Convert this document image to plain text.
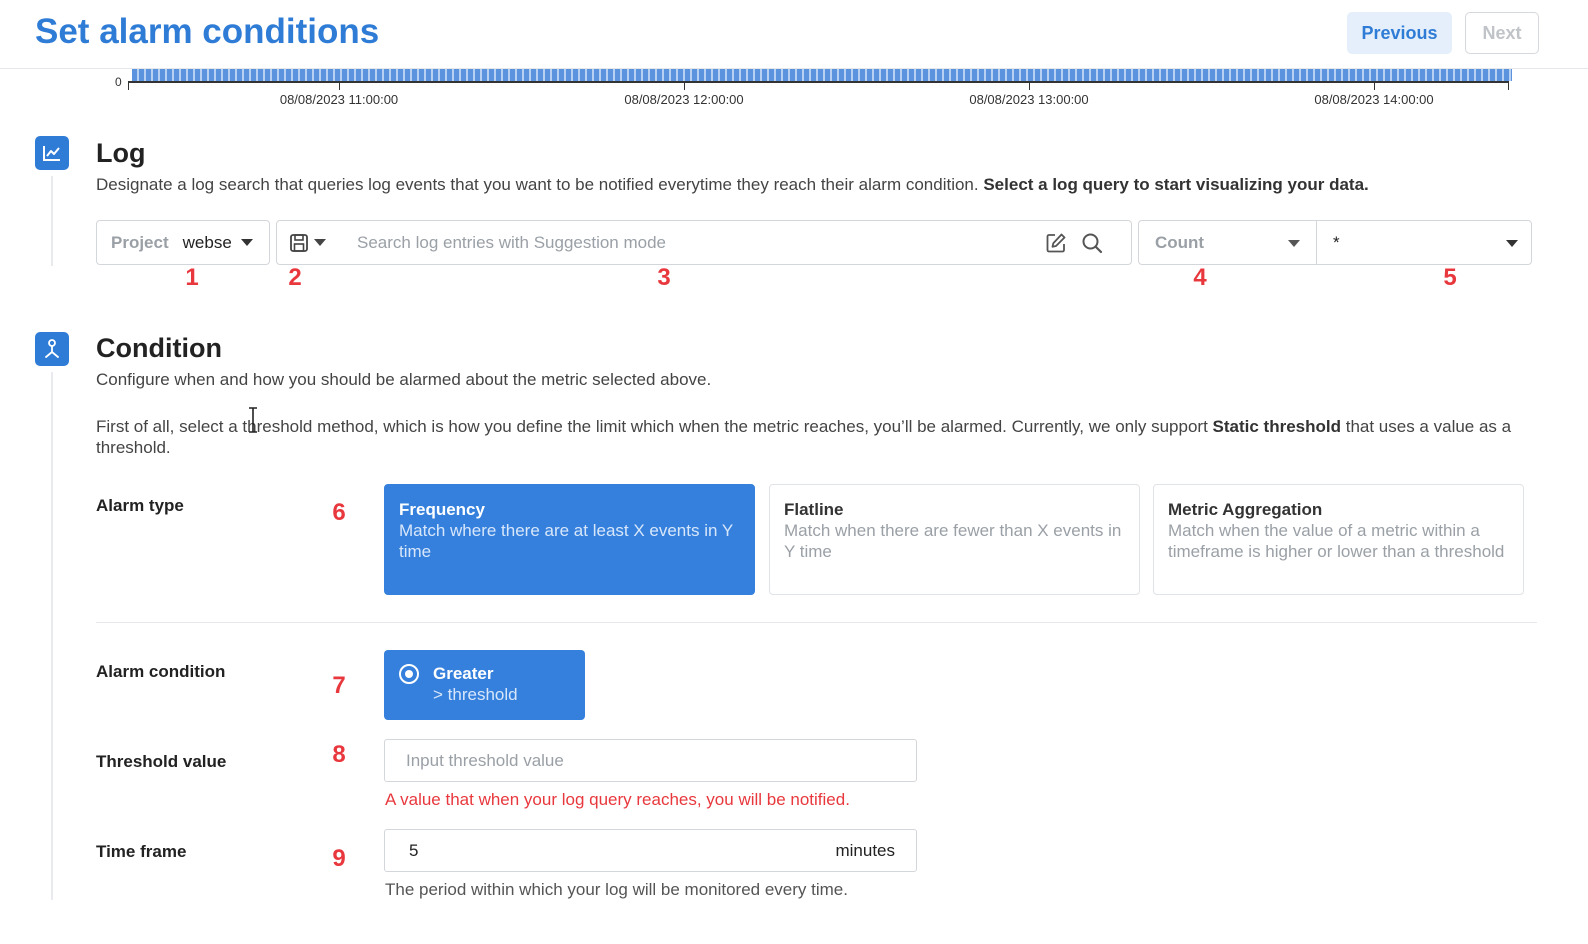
Set alarm conditions	Previous	Next
0
08/08/2023 11:00:00	08/08/2023 12:00:00	08/08/2023 13:00:00	08/08/2023 14:00:00
Log
Designate a log search that queries log events that you want to be notified everytime they reach their alarm condition. Select a log query to start visualizing your data.
Project webse
Search log entries with Suggestion mode	Count	*
1	2	3	4	5
Condition
Configure when and how you should be alarmed about the metric selected above.
First of all, select a threshold method, which is how you define the limit which when the metric reaches, you’ll be alarmed. Currently, we only support Static threshold that uses a value as a threshold.
Alarm type	6	Frequency
Match where there are at least X events in Y time
Flatline
Match when there are fewer than X events in Y time
Metric Aggregation
Match when the value of a metric within a timeframe is higher or lower than a threshold
Alarm condition
7	Greater
> threshold
Threshold value	8
Input threshold value
A value that when your log query reaches, you will be notified.
Time frame	9
5	minutes
The period within which your log will be monitored every time.
